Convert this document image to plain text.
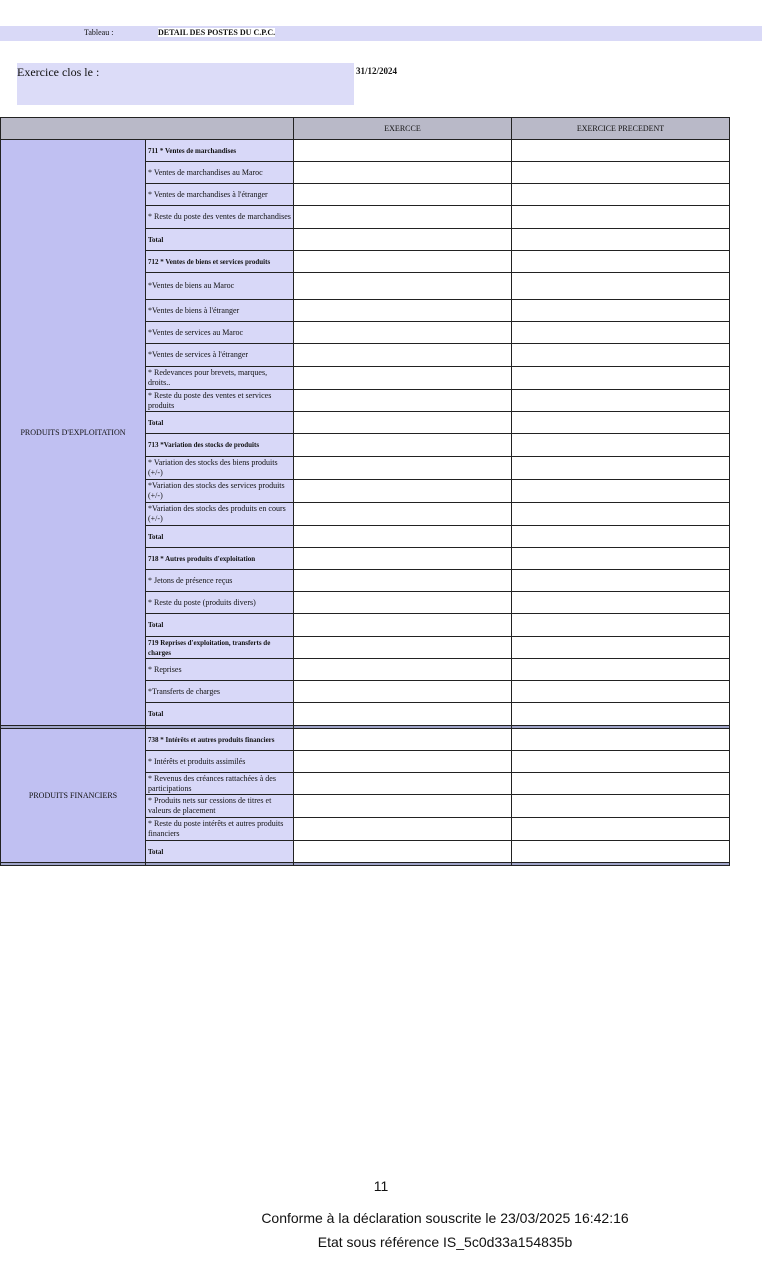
Tableau :	DETAIL DES POSTES DU C.P.C.
Exercice clos le :	31/12/2024
		EXERCCE	EXERCICE PRECEDENT
PRODUITS D'EXPLOITATION	711 * Ventes de marchandises		
	* Ventes de marchandises au Maroc		
	* Ventes de marchandises à l'étranger		
	* Reste du poste des ventes de marchandises		
	Total		
	712 * Ventes de biens et services produits		
	*Ventes de biens au Maroc		
	*Ventes de biens à l'étranger		
	*Ventes de services au Maroc		
	*Ventes de services à l'étranger		
	* Redevances pour brevets, marques, droits..		
	* Reste du poste des ventes et services produits		
	Total		
	713 *Variation des stocks de produits		
	* Variation des stocks des biens produits (+/-)		
	*Variation des stocks des services produits (+/-)		
	*Variation des stocks des produits en cours (+/-)		
	Total		
	718 * Autres produits d'exploitation		
	* Jetons de présence reçus		
	* Reste du poste (produits divers)		
	Total		
	719 Reprises d'exploitation, transferts de charges		
	* Reprises		
	*Transferts de charges		
	Total		

PRODUITS FINANCIERS	738 * Intérêts et autres produits financiers		
	* Intérêts et produits assimilés		
	* Revenus des créances rattachées à des participations		
	* Produits nets sur cessions de titres et valeurs de placement		
	* Reste du poste intérêts et autres produits financiers		
	Total		

11
Conforme à la déclaration souscrite le 23/03/2025 16:42:16
Etat sous référence IS_5c0d33a154835b
